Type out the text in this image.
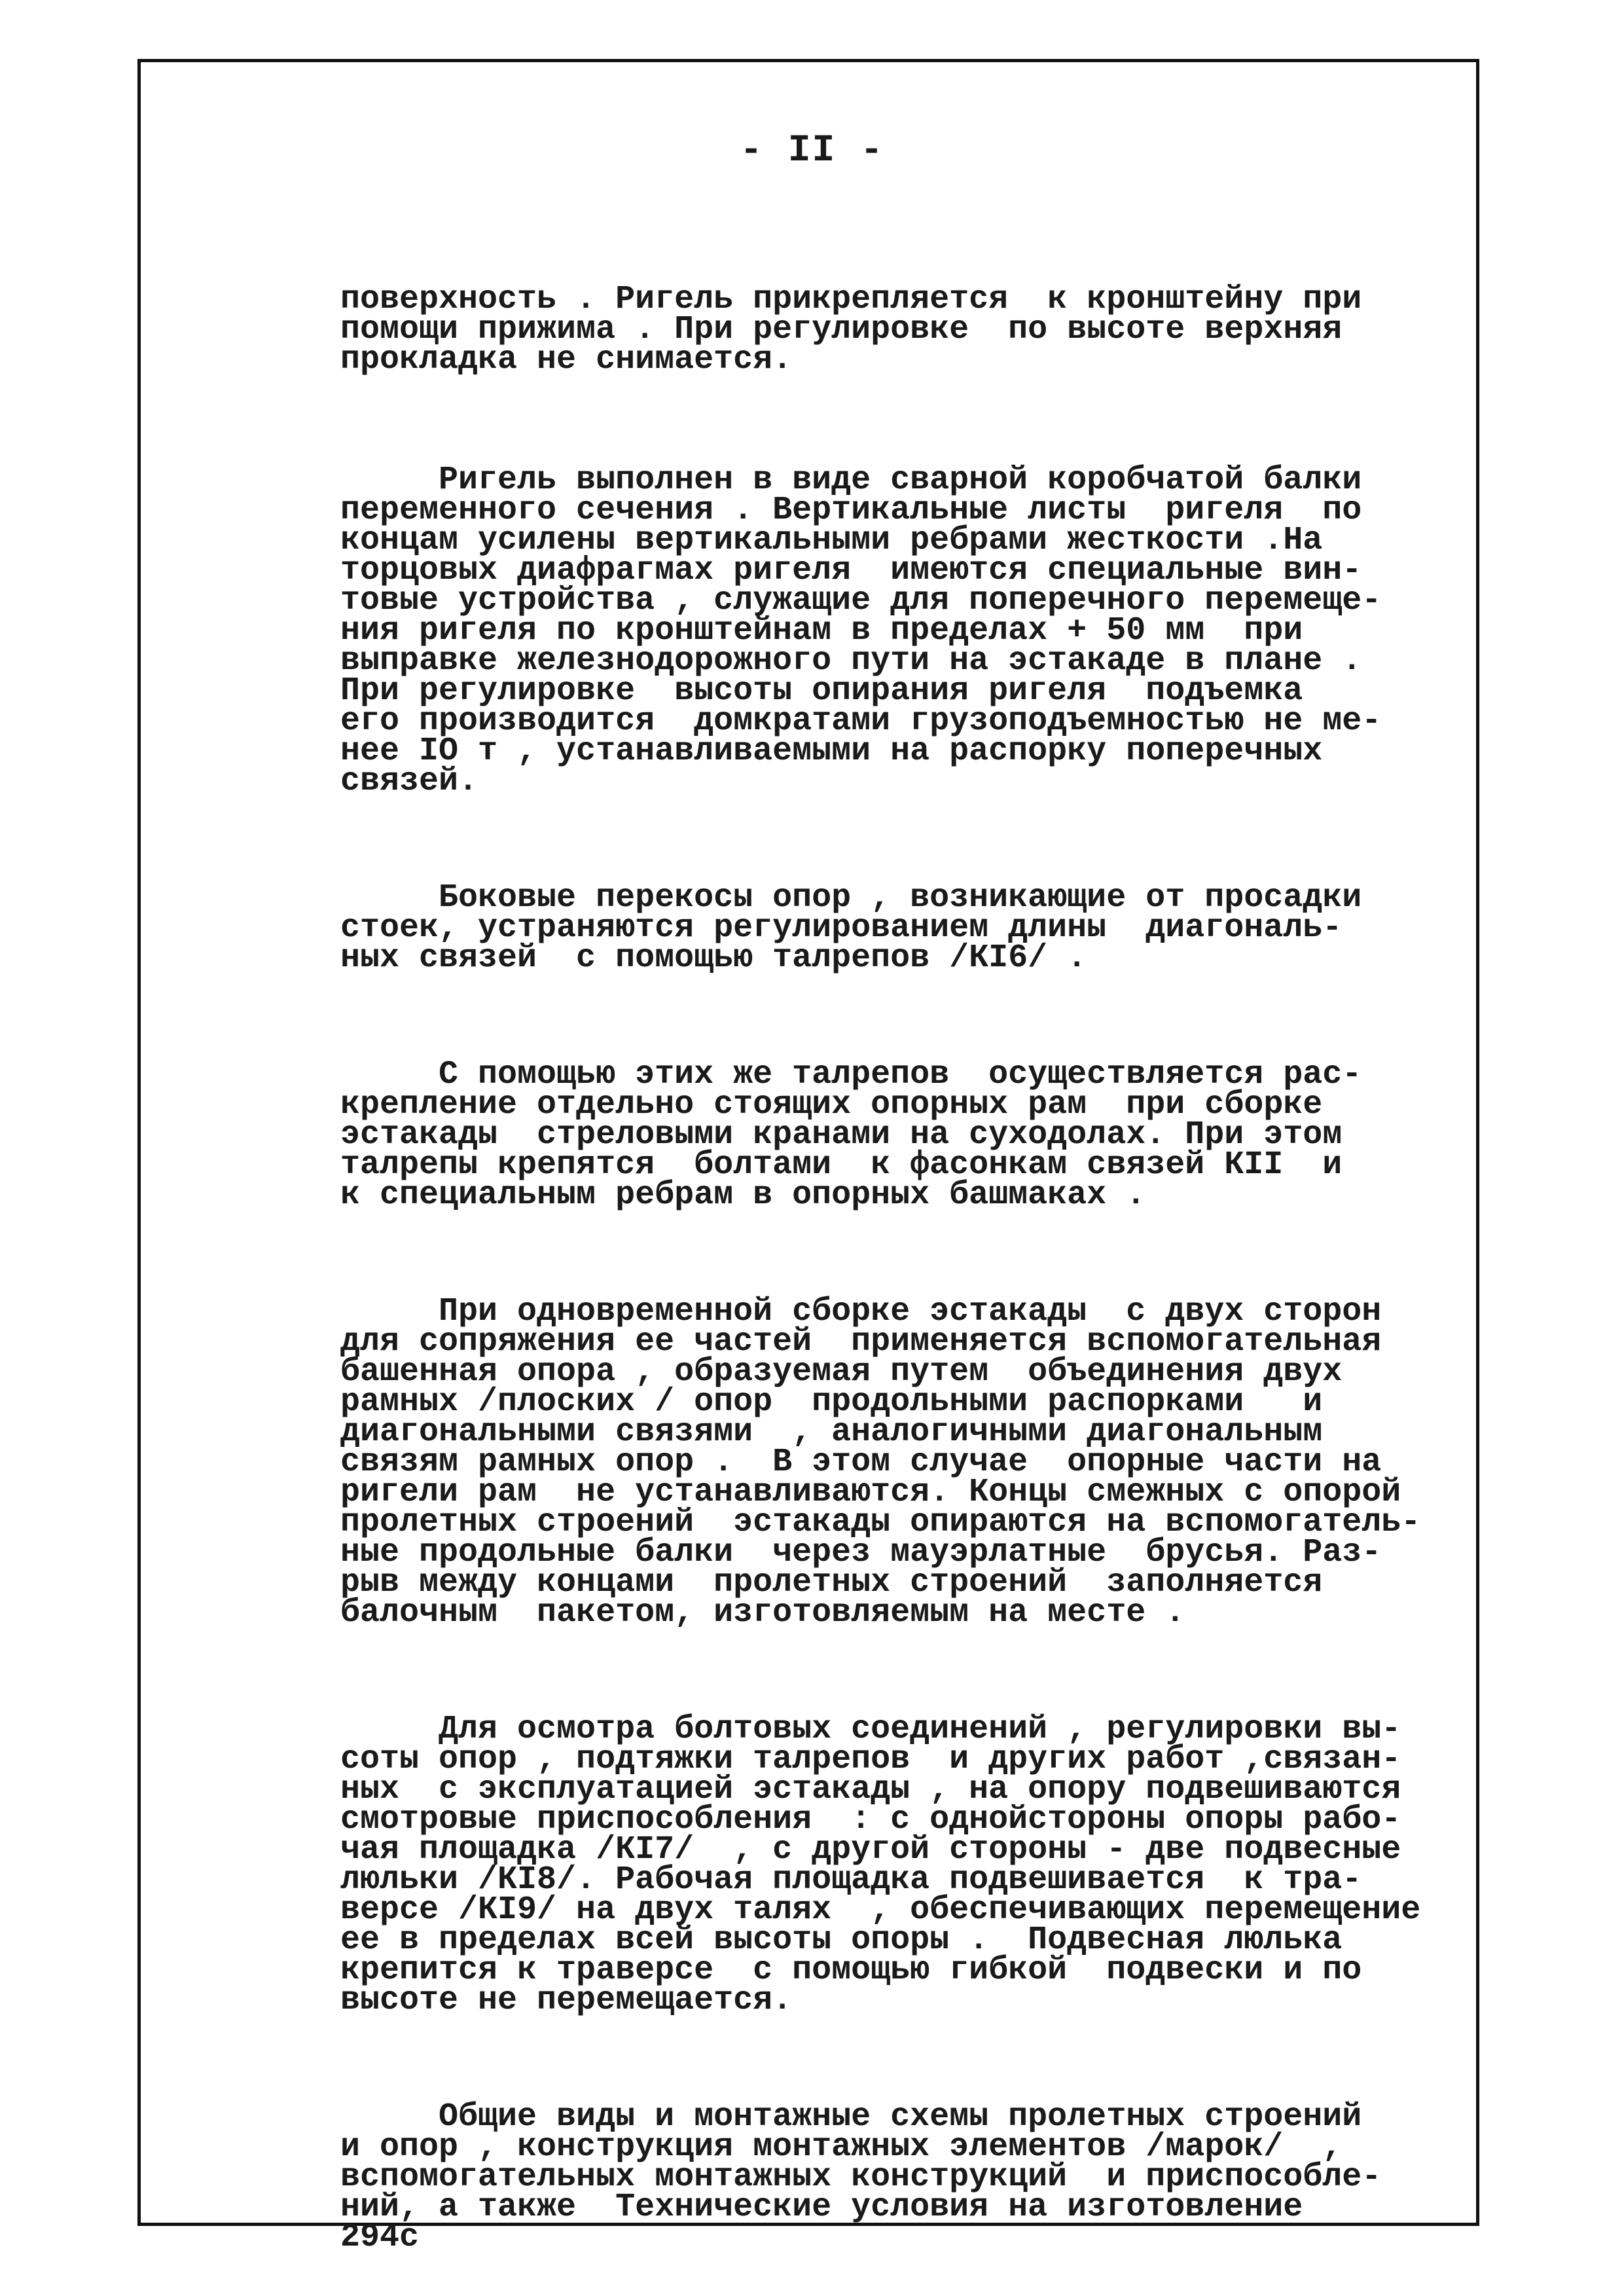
- II -

поверхность . Ригель прикрепляется  к кронштейну при
помощи прижима . При регулировке  по высоте верхняя
прокладка не снимается.

Ригель выполнен в виде сварной коробчатой балки
переменного сечения . Вертикальные листы  ригеля  по
концам усилены вертикальными ребрами жесткости .На
торцовых диафрагмах ригеля  имеются специальные вин-
товые устройства , служащие для поперечного перемеще-
ния ригеля по кронштейнам в пределах + 50 мм  при
выправке железнодорожного пути на эстакаде в плане .
При регулировке  высоты опирания ригеля  подъемка
его производится  домкратами грузоподъемностью не ме-
нее IО т , устанавливаемыми на распорку поперечных
связей.

Боковые перекосы опор , возникающие от просадки
стоек, устраняются регулированием длины  диагональ-
ных связей  с помощью талрепов /КI6/ .

С помощью этих же талрепов  осуществляется рас-
крепление отдельно стоящих опорных рам  при сборке
эстакады  стреловыми кранами на суходолах. При этом
талрепы крепятся  болтами  к фасонкам связей КII  и
к специальным ребрам в опорных башмаках .

При одновременной сборке эстакады  с двух сторон
для сопряжения ее частей  применяется вспомогательная
башенная опора , образуемая путем  объединения двух
рамных /плоских / опор  продольными распорками   и
диагональными связями  , аналогичными диагональным
связям рамных опор .  В этом случае  опорные части на
ригели рам  не устанавливаются. Концы смежных с опорой
пролетных строений  эстакады опираются на вспомогатель-
ные продольные балки  через мауэрлатные  брусья. Раз-
рыв между концами  пролетных строений  заполняется
балочным  пакетом, изготовляемым на месте .

Для осмотра болтовых соединений , регулировки вы-
соты опор , подтяжки талрепов  и других работ ,связан-
ных  с эксплуатацией эстакады , на опору подвешиваются
смотровые приспособления  : с однойстороны опоры рабо-
чая площадка /КI7/  , с другой стороны - две подвесные
люльки /КI8/. Рабочая площадка подвешивается  к тра-
версе /КI9/ на двух талях  , обеспечивающих перемещение
ее в пределах всей высоты опоры .  Подвесная люлька
крепится к траверсе  с помощью гибкой  подвески и по
высоте не перемещается.

Общие виды и монтажные схемы пролетных строений
и опор , конструкция монтажных элементов /марок/  ,
вспомогательных монтажных конструкций  и приспособле-
ний, а также  Технические условия на изготовление
294с
